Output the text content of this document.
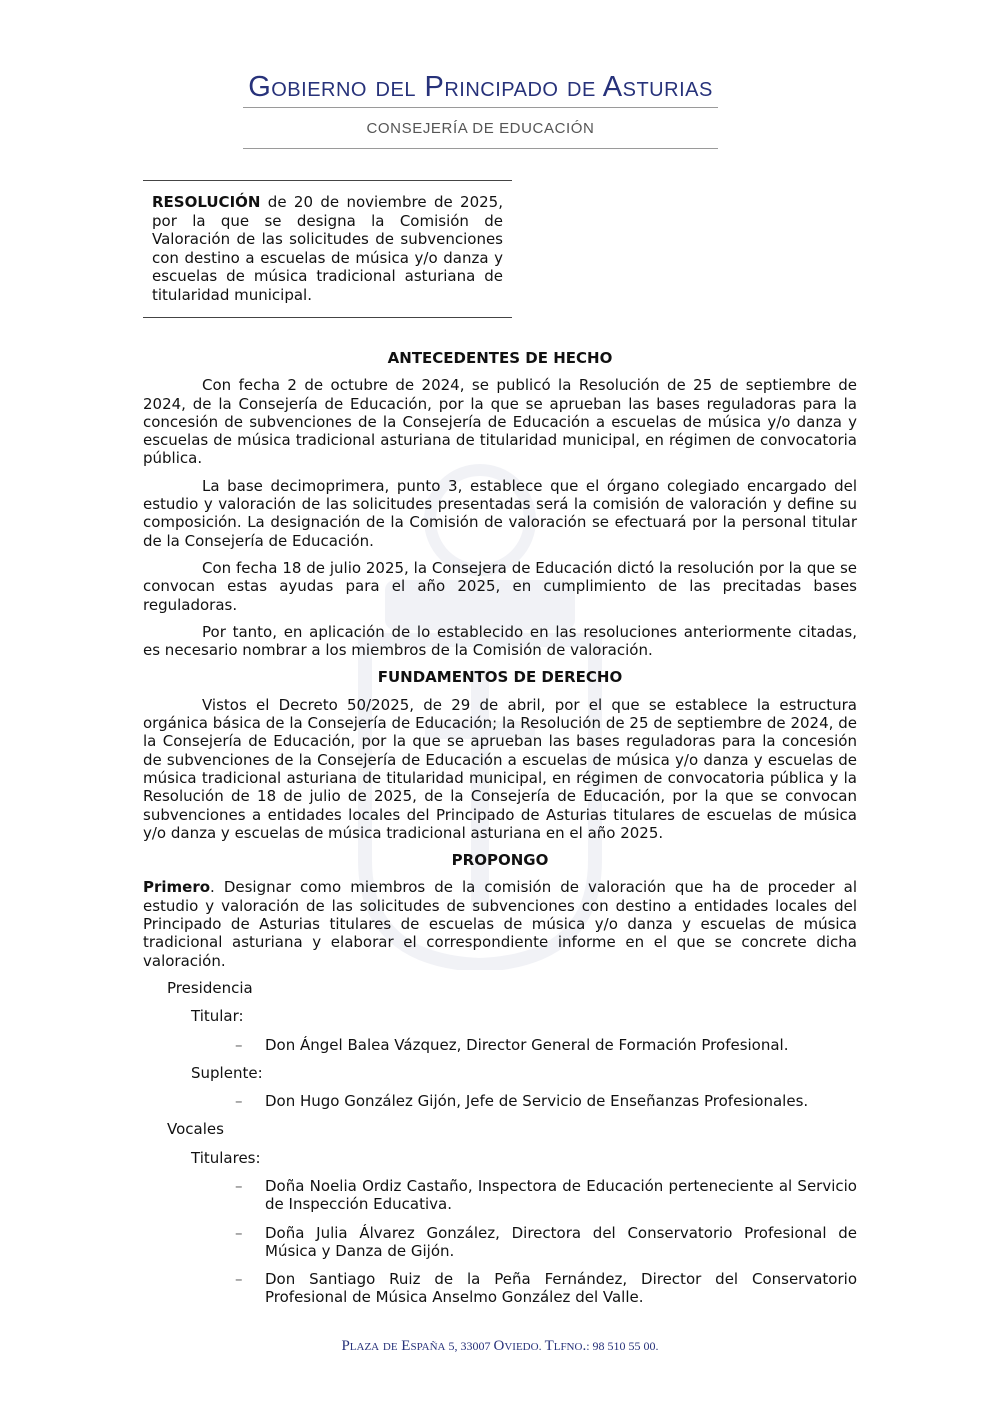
Gobierno del Principado de Asturias
CONSEJERÍA DE EDUCACIÓN
RESOLUCIÓN de 20 de noviembre de 2025, por la que se designa la Comisión de Valoración de las solicitudes de subvenciones con destino a escuelas de música y/o danza y escuelas de música tradicional asturiana de titularidad municipal.
ANTECEDENTES DE HECHO

Con fecha 2 de octubre de 2024, se publicó la Resolución de 25 de septiembre de 2024, de la Consejería de Educación, por la que se aprueban las bases reguladoras para la concesión de subvenciones de la Consejería de Educación a escuelas de música y/o danza y escuelas de música tradicional asturiana de titularidad municipal, en régimen de convocatoria pública.

La base decimoprimera, punto 3, establece que el órgano colegiado encargado del estudio y valoración de las solicitudes presentadas será la comisión de valoración y define su composición. La designación de la Comisión de valoración se efectuará por la personal titular de la Consejería de Educación.

Con fecha 18 de julio 2025, la Consejera de Educación dictó la resolución por la que se convocan estas ayudas para el año 2025, en cumplimiento de las precitadas bases reguladoras.

Por tanto, en aplicación de lo establecido en las resoluciones anteriormente citadas, es necesario nombrar a los miembros de la Comisión de valoración.

FUNDAMENTOS DE DERECHO

Vistos el Decreto 50/2025, de 29 de abril, por el que se establece la estructura orgánica básica de la Consejería de Educación; la Resolución de 25 de septiembre de 2024, de la Consejería de Educación, por la que se aprueban las bases reguladoras para la concesión de subvenciones de la Consejería de Educación a escuelas de música y/o danza y escuelas de música tradicional asturiana de titularidad municipal, en régimen de convocatoria pública y la Resolución de 18 de julio de 2025, de la Consejería de Educación, por la que se convocan subvenciones a entidades locales del Principado de Asturias titulares de escuelas de música y/o danza y escuelas de música tradicional asturiana en el año 2025.

PROPONGO

Primero. Designar como miembros de la comisión de valoración que ha de proceder al estudio y valoración de las solicitudes de subvenciones con destino a entidades locales del Principado de Asturias titulares de escuelas de música y/o danza y escuelas de música tradicional asturiana y elaborar el correspondiente informe en el que se concrete dicha valoración.

Presidencia
Titular:
–	Don Ángel Balea Vázquez, Director General de Formación Profesional.
Suplente:
–	Don Hugo González Gijón, Jefe de Servicio de Enseñanzas Profesionales.
Vocales
Titulares:
–	Doña Noelia Ordiz Castaño, Inspectora de Educación perteneciente al Servicio de Inspección Educativa.
–	Doña Julia Álvarez González, Directora del Conservatorio Profesional de Música y Danza de Gijón.
–	Don Santiago Ruiz de la Peña Fernández, Director del Conservatorio Profesional de Música Anselmo González del Valle.
Plaza de España 5, 33007 Oviedo. Tlfno.: 98 510 55 00.
